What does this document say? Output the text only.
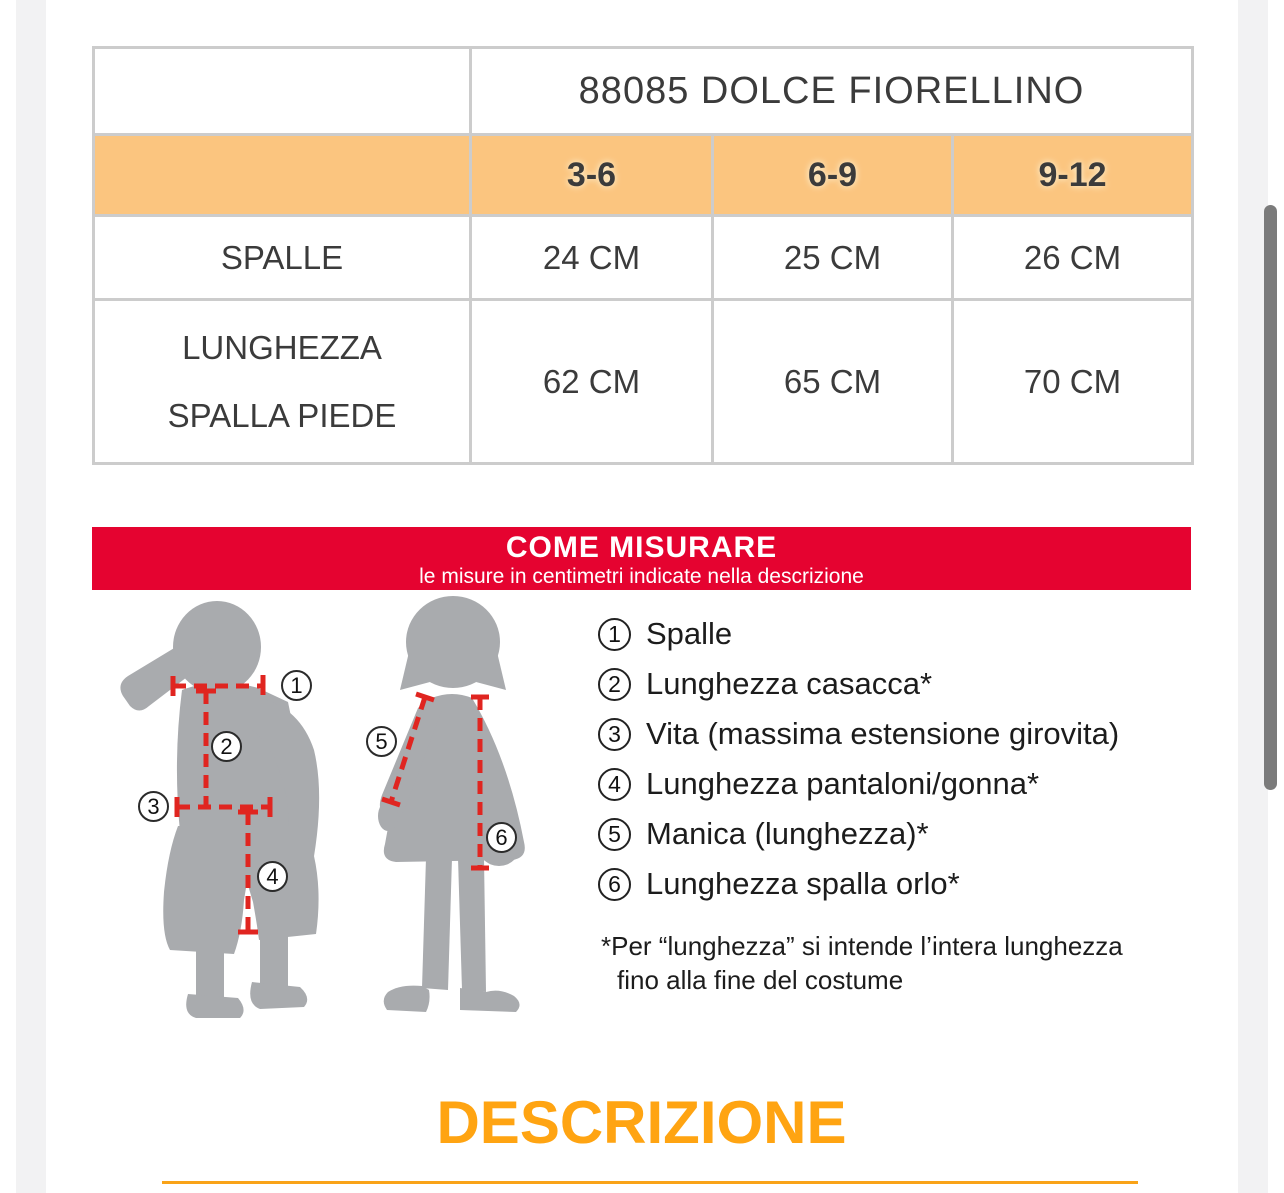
	88085 DOLCE FIORELLINO		
	3-6	6-9	9-12
SPALLE	24 CM	25 CM	26 CM

LUNGHEZZA
SPALLA PIEDE	62 CM	65 CM	70 CM
COME MISURARE
le misure in centimetri indicate nella descrizione
1
2
3
4
5
6
1 Spalle
2 Lunghezza casacca*
3 Vita (massima estensione girovita)
4 Lunghezza pantaloni/gonna*
5 Manica (lunghezza)*
6 Lunghezza spalla orlo*
*Per “lunghezza” si intende l’intera lunghezza
fino alla fine del costume
DESCRIZIONE
